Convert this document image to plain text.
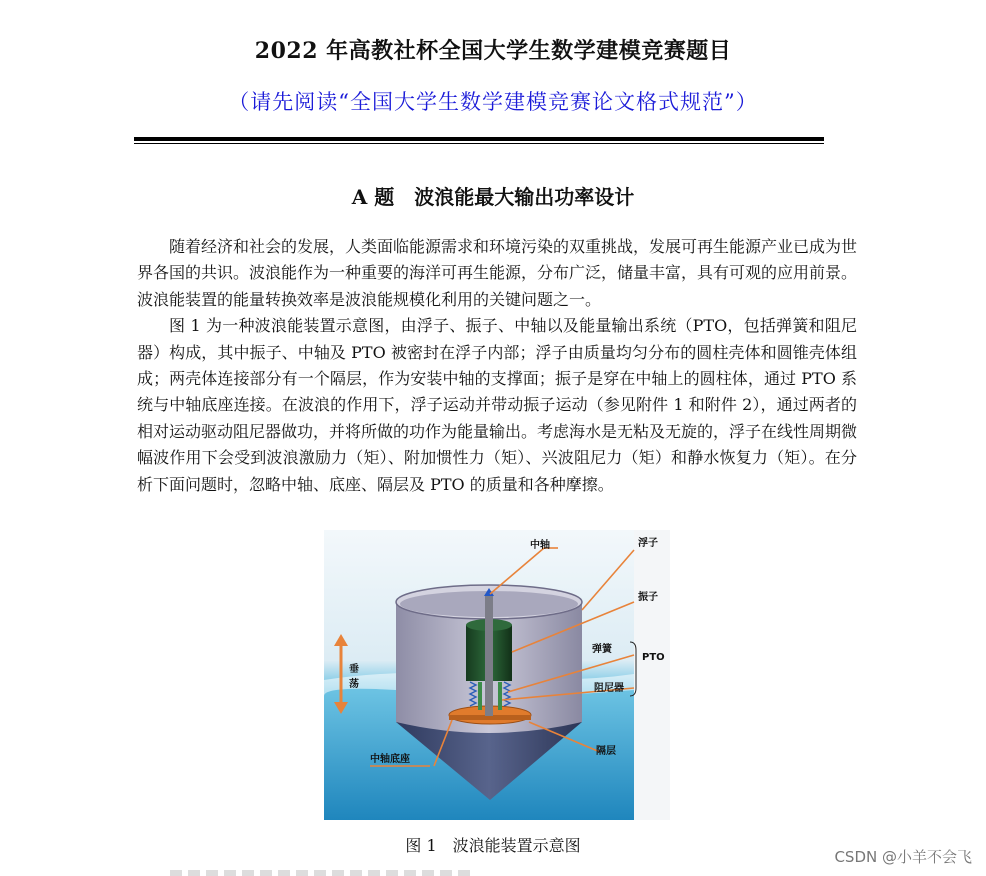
2022 年高教社杯全国大学生数学建模竞赛题目
（请先阅读“全国大学生数学建模竞赛论文格式规范”）
A 题　波浪能最大输出功率设计

随着经济和社会的发展，人类面临能源需求和环境污染的双重挑战，发展可再生能源产业已成为世界各国的共识。波浪能作为一种重要的海洋可再生能源，分布广泛，储量丰富，具有可观的应用前景。波浪能装置的能量转换效率是波浪能规模化利用的关键问题之一。

图 1 为一种波浪能装置示意图，由浮子、振子、中轴以及能量输出系统（PTO，包括弹簧和阻尼器）构成，其中振子、中轴及 PTO 被密封在浮子内部；浮子由质量均匀分布的圆柱壳体和圆锥壳体组成；两壳体连接部分有一个隔层，作为安装中轴的支撑面；振子是穿在中轴上的圆柱体，通过 PTO 系统与中轴底座连接。在波浪的作用下，浮子运动并带动振子运动（参见附件 1 和附件 2），通过两者的相对运动驱动阻尼器做功，并将所做的功作为能量输出。考虑海水是无粘及无旋的，浮子在线性周期微幅波作用下会受到波浪激励力（矩）、附加惯性力（矩）、兴波阻尼力（矩）和静水恢复力（矩）。在分析下面问题时，忽略中轴、底座、隔层及 PTO 的质量和各种摩擦。

垂
荡
中轴	浮子
振子
弹簧
PTO
阻尼器
中轴底座
隔层
图 1　波浪能装置示意图
CSDN @小羊不会飞
